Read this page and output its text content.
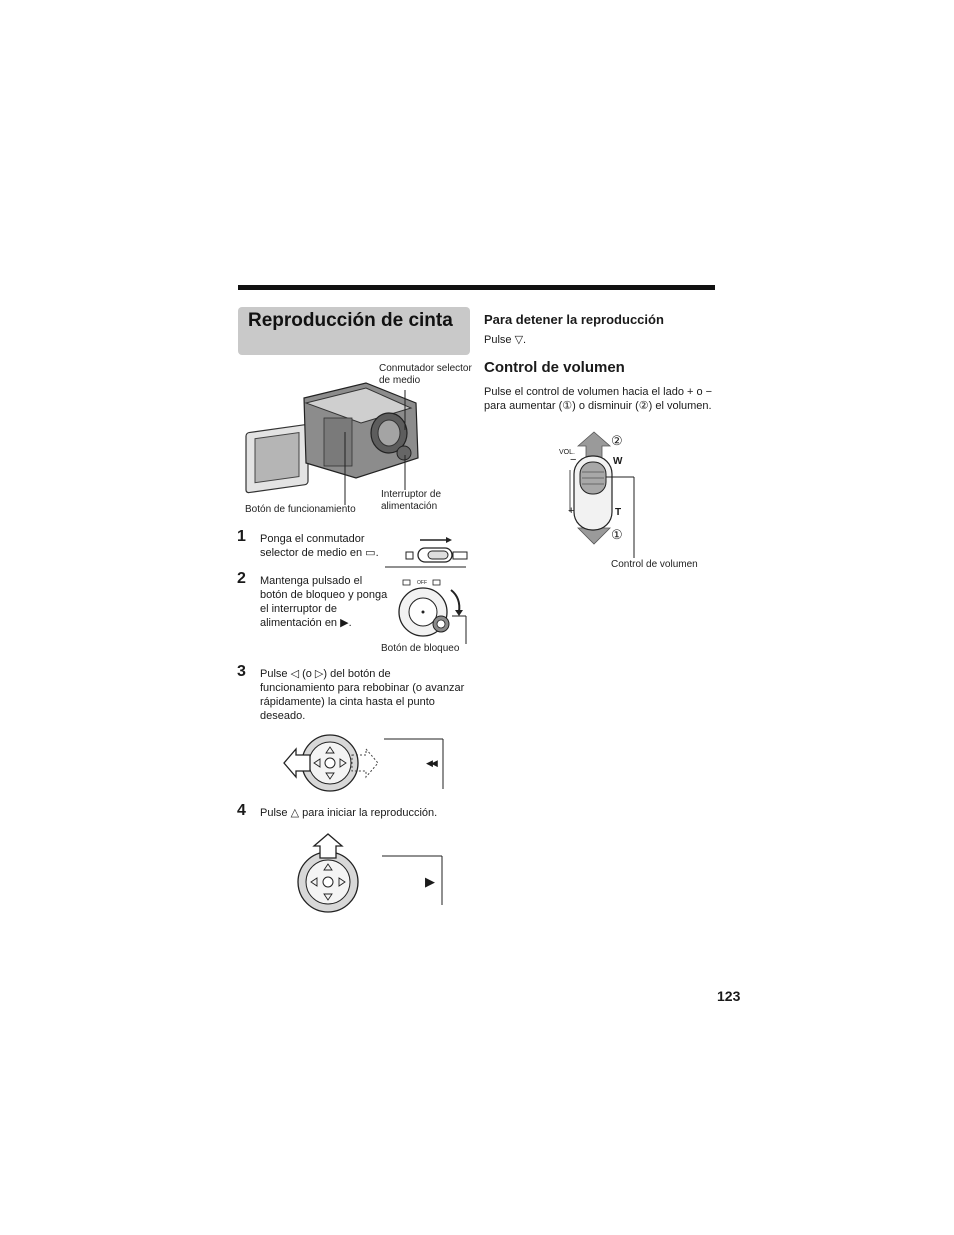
Reproducción de cinta	Para detener la reproducción
Pulse ▽.
Control de volumen
Pulse el control de volumen hacia el lado + o − para aumentar (①) o disminuir (②) el volumen.
Conmutador selector de medio
Interruptor de alimentación
Botón de funcionamiento
1 Ponga el conmutador selector de medio en ▭.
2 Mantenga pulsado el botón de bloqueo y ponga el interruptor de alimentación en ▶.
OFF
Botón de bloqueo
3 Pulse ◁ (o ▷) del botón de funcionamiento para rebobinar (o avanzar rápidamente) la cinta hasta el punto deseado.
◀◀
4 Pulse △ para iniciar la reproducción.
▶
VOL.
−
+
W
T
②
①
Control de volumen
123
